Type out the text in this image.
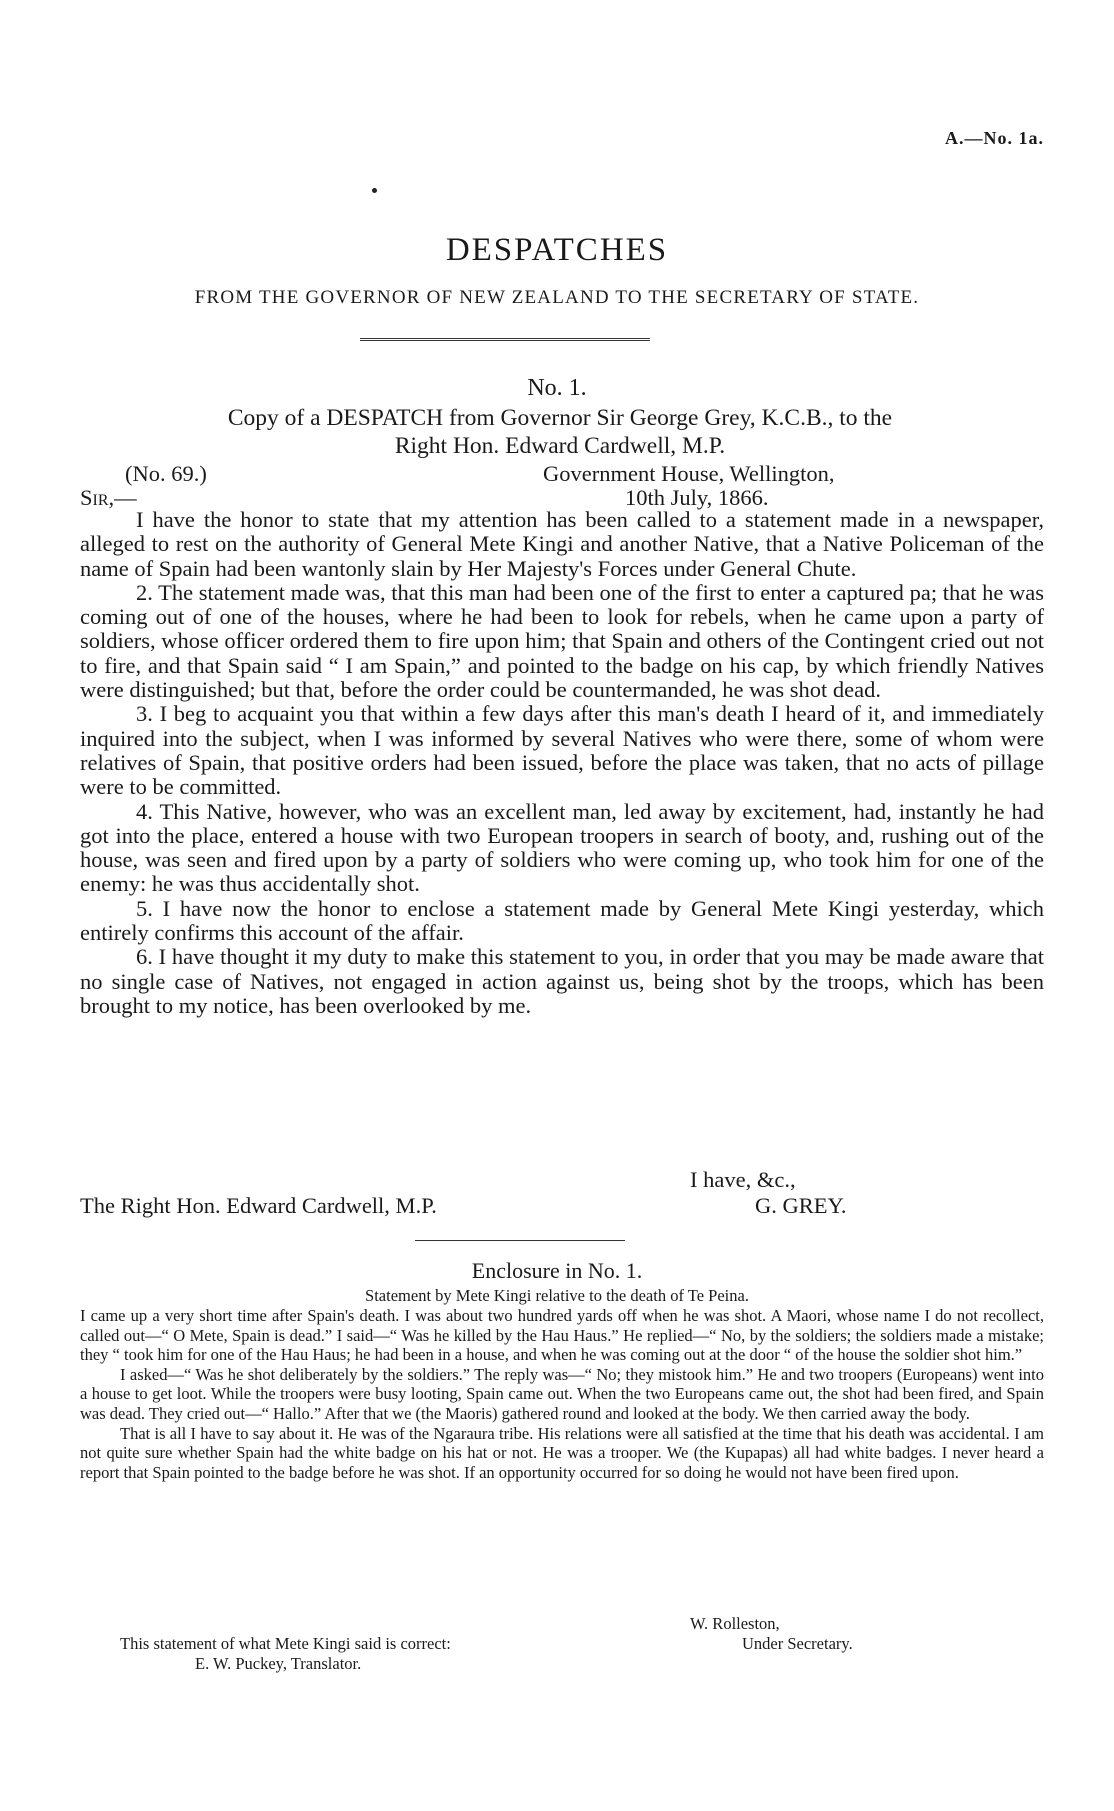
A.—No. 1a.
DESPATCHES
FROM THE GOVERNOR OF NEW ZEALAND TO THE SECRETARY OF STATE.
No. 1.
Copy of a DESPATCH from Governor Sir George Grey, K.C.B., to the
Right Hon. Edward Cardwell, M.P.
(No. 69.)	Government House, Wellington,
Sir,—	10th July, 1866.

I have the honor to state that my attention has been called to a statement made in a newspaper, alleged to rest on the authority of General Mete Kingi and another Native, that a Native Policeman of the name of Spain had been wantonly slain by Her Majesty's Forces under General Chute.

2. The statement made was, that this man had been one of the first to enter a captured pa; that he was coming out of one of the houses, where he had been to look for rebels, when he came upon a party of soldiers, whose officer ordered them to fire upon him; that Spain and others of the Contingent cried out not to fire, and that Spain said “ I am Spain,” and pointed to the badge on his cap, by which friendly Natives were distinguished; but that, before the order could be countermanded, he was shot dead.

3. I beg to acquaint you that within a few days after this man's death I heard of it, and immediately inquired into the subject, when I was informed by several Natives who were there, some of whom were relatives of Spain, that positive orders had been issued, before the place was taken, that no acts of pillage were to be committed.

4. This Native, however, who was an excellent man, led away by excitement, had, instantly he had got into the place, entered a house with two European troopers in search of booty, and, rushing out of the house, was seen and fired upon by a party of soldiers who were coming up, who took him for one of the enemy: he was thus accidentally shot.

5. I have now the honor to enclose a statement made by General Mete Kingi yesterday, which entirely confirms this account of the affair.

6. I have thought it my duty to make this statement to you, in order that you may be made aware that no single case of Natives, not engaged in action against us, being shot by the troops, which has been brought to my notice, has been overlooked by me.

I have, &c.,
The Right Hon. Edward Cardwell, M.P.	G. GREY.
Enclosure in No. 1.
Statement by Mete Kingi relative to the death of Te Peina.

I came up a very short time after Spain's death. I was about two hundred yards off when he was shot. A Maori, whose name I do not recollect, called out—“ O Mete, Spain is dead.” I said—“ Was he killed by the Hau Haus.” He replied—“ No, by the soldiers; the soldiers made a mistake; they “ took him for one of the Hau Haus; he had been in a house, and when he was coming out at the door “ of the house the soldier shot him.”

I asked—“ Was he shot deliberately by the soldiers.” The reply was—“ No; they mistook him.” He and two troopers (Europeans) went into a house to get loot. While the troopers were busy looting, Spain came out. When the two Europeans came out, the shot had been fired, and Spain was dead. They cried out—“ Hallo.” After that we (the Maoris) gathered round and looked at the body. We then carried away the body.

That is all I have to say about it. He was of the Ngaraura tribe. His relations were all satisfied at the time that his death was accidental. I am not quite sure whether Spain had the white badge on his hat or not. He was a trooper. We (the Kupapas) all had white badges. I never heard a report that Spain pointed to the badge before he was shot. If an opportunity occurred for so doing he would not have been fired upon.

W. Rolleston,
Under Secretary.
This statement of what Mete Kingi said is correct:
E. W. Puckey, Translator.
